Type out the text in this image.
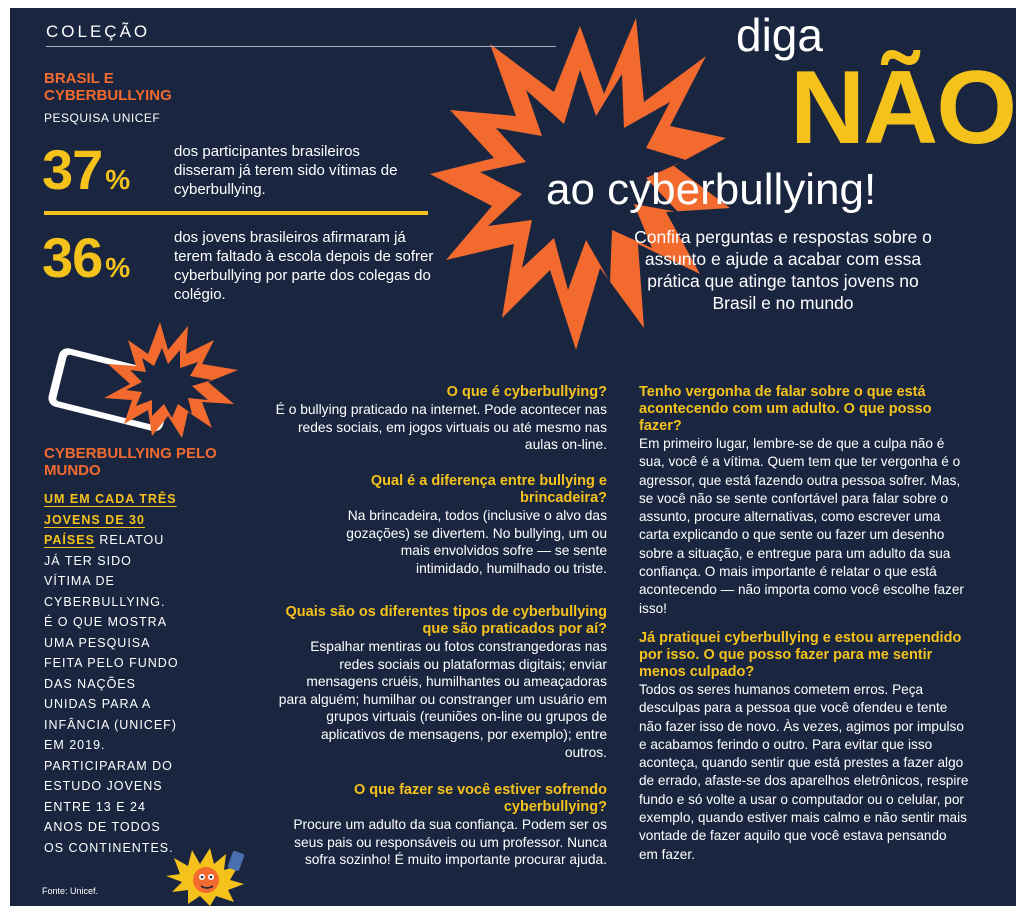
COLEÇÃO
BRASIL E CYBERBULLYING
PESQUISA UNICEF
37 %
dos participantes brasileiros disseram já terem sido vítimas de cyberbullying.
36 %
dos jovens brasileiros afirmaram já terem faltado à escola depois de sofrer cyberbullying por parte dos colegas do colégio.
CYBERBULLYING PELO MUNDO
UM EM CADA TRÊS JOVENS DE 30 PAÍSES RELATOU JÁ TER SIDO VÍTIMA DE CYBERBULLYING. É O QUE MOSTRA UMA PESQUISA FEITA PELO FUNDO DAS NAÇÕES UNIDAS PARA A INFÂNCIA (UNICEF) EM 2019. PARTICIPARAM DO ESTUDO JOVENS ENTRE 13 E 24 ANOS DE TODOS OS CONTINENTES.
Fonte: Unicef.
diga
NÃO
ao cyberbullying!
Confira perguntas e respostas sobre o assunto e ajude a acabar com essa prática que atinge tantos jovens no Brasil e no mundo
O que é cyberbullying?
É o bullying praticado na internet. Pode acontecer nas redes sociais, em jogos virtuais ou até mesmo nas aulas on-line.
Qual é a diferença entre bullying e brincadeira?
Na brincadeira, todos (inclusive o alvo das gozações) se divertem. No bullying, um ou mais envolvidos sofre — se sente intimidado, humilhado ou triste.
Quais são os diferentes tipos de cyberbullying que são praticados por aí?
Espalhar mentiras ou fotos constrangedoras nas redes sociais ou plataformas digitais; enviar mensagens cruéis, humilhantes ou ameaçadoras para alguém; humilhar ou constranger um usuário em grupos virtuais (reuniões on-line ou grupos de aplicativos de mensagens, por exemplo); entre outros.
O que fazer se você estiver sofrendo cyberbullying?
Procure um adulto da sua confiança. Podem ser os seus pais ou responsáveis ou um professor. Nunca sofra sozinho! É muito importante procurar ajuda.
Tenho vergonha de falar sobre o que está acontecendo com um adulto. O que posso fazer?
Em primeiro lugar, lembre-se de que a culpa não é sua, você é a vítima. Quem tem que ter vergonha é o agressor, que está fazendo outra pessoa sofrer. Mas, se você não se sente confortável para falar sobre o assunto, procure alternativas, como escrever uma carta explicando o que sente ou fazer um desenho sobre a situação, e entregue para um adulto da sua confiança. O mais importante é relatar o que está acontecendo — não importa como você escolhe fazer isso!
Já pratiquei cyberbullying e estou arrependido por isso. O que posso fazer para me sentir menos culpado?
Todos os seres humanos cometem erros. Peça desculpas para a pessoa que você ofendeu e tente não fazer isso de novo. Às vezes, agimos por impulso e acabamos ferindo o outro. Para evitar que isso aconteça, quando sentir que está prestes a fazer algo de errado, afaste-se dos aparelhos eletrônicos, respire fundo e só volte a usar o computador ou o celular, por exemplo, quando estiver mais calmo e não sentir mais vontade de fazer aquilo que você estava pensando em fazer.
